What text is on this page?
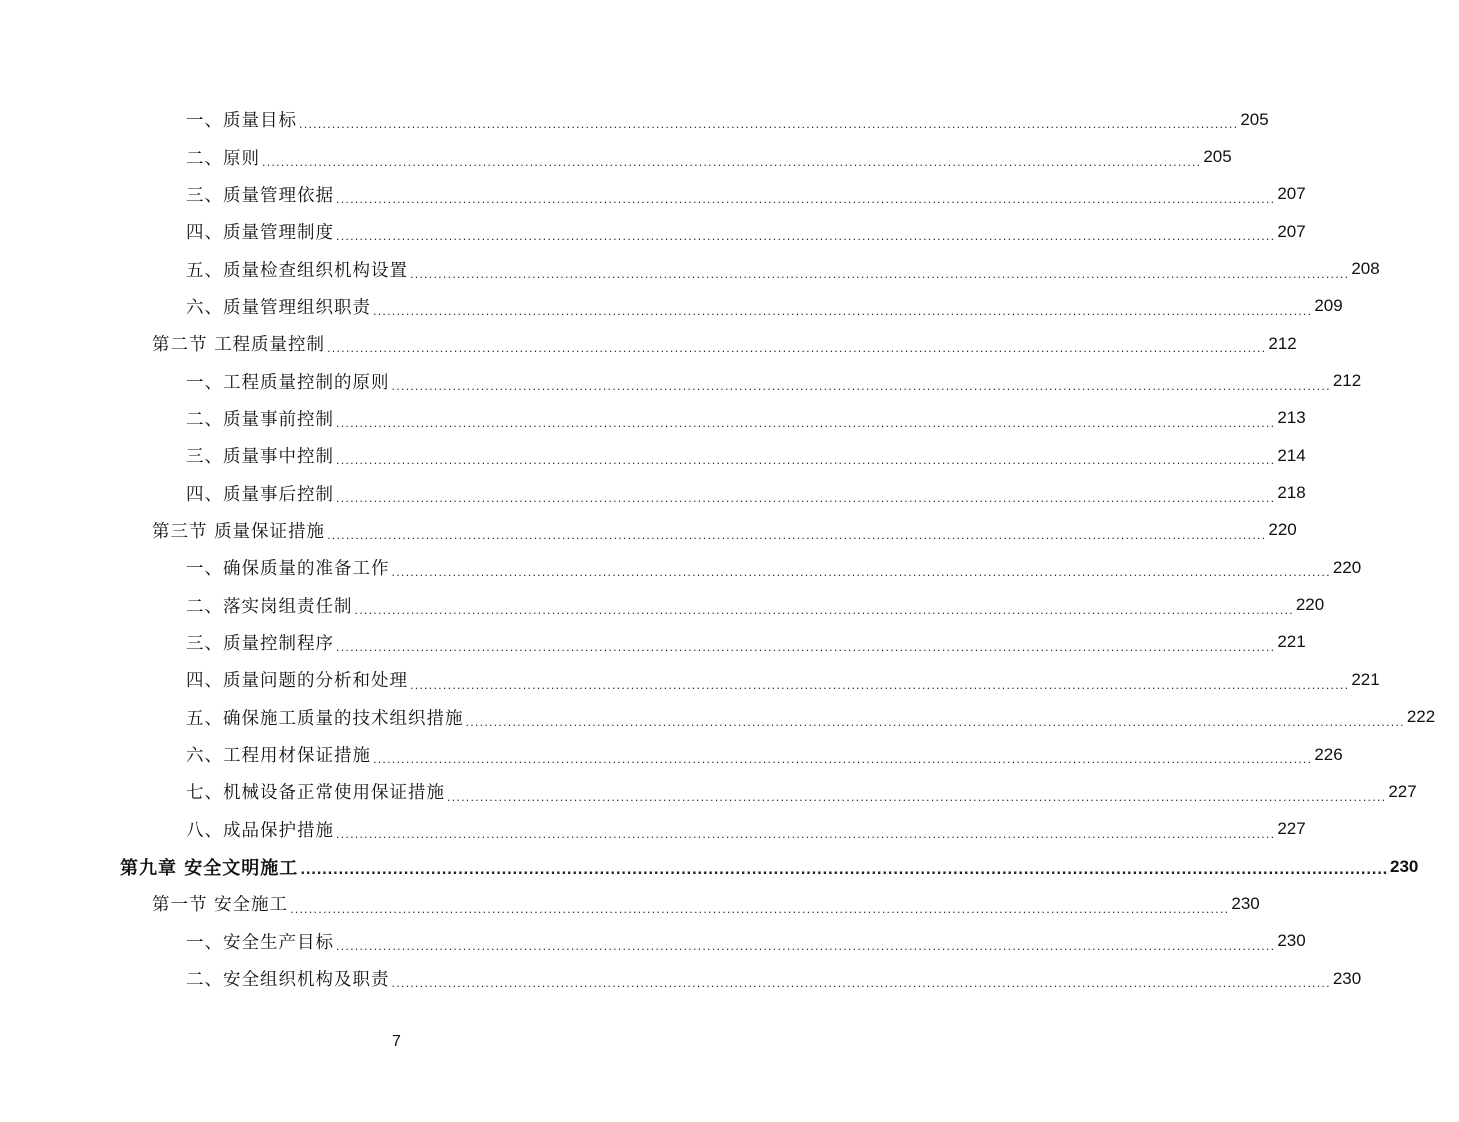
一、质量目标 ........................................................................................................................................................................................................ 205
二、原则 ........................................................................................................................................................................................................ 205
三、质量管理依据 ........................................................................................................................................................................................................ 207
四、质量管理制度 ........................................................................................................................................................................................................ 207
五、质量检查组织机构设置 ........................................................................................................................................................................................................ 208
六、质量管理组织职责 ........................................................................................................................................................................................................ 209
第二节 工程质量控制 ........................................................................................................................................................................................................ 212
一、工程质量控制的原则 ........................................................................................................................................................................................................ 212
二、质量事前控制 ........................................................................................................................................................................................................ 213
三、质量事中控制 ........................................................................................................................................................................................................ 214
四、质量事后控制 ........................................................................................................................................................................................................ 218
第三节 质量保证措施 ........................................................................................................................................................................................................ 220
一、确保质量的准备工作 ........................................................................................................................................................................................................ 220
二、落实岗组责任制 ........................................................................................................................................................................................................ 220
三、质量控制程序 ........................................................................................................................................................................................................ 221
四、质量问题的分析和处理 ........................................................................................................................................................................................................ 221
五、确保施工质量的技术组织措施 ........................................................................................................................................................................................................ 222
六、工程用材保证措施 ........................................................................................................................................................................................................ 226
七、机械设备正常使用保证措施 ........................................................................................................................................................................................................ 227
八、成品保护措施 ........................................................................................................................................................................................................ 227
第九章 安全文明施工 ........................................................................................................................................................................................................ 230
第一节 安全施工 ........................................................................................................................................................................................................ 230
一、安全生产目标 ........................................................................................................................................................................................................ 230
二、安全组织机构及职责 ........................................................................................................................................................................................................ 230
7
